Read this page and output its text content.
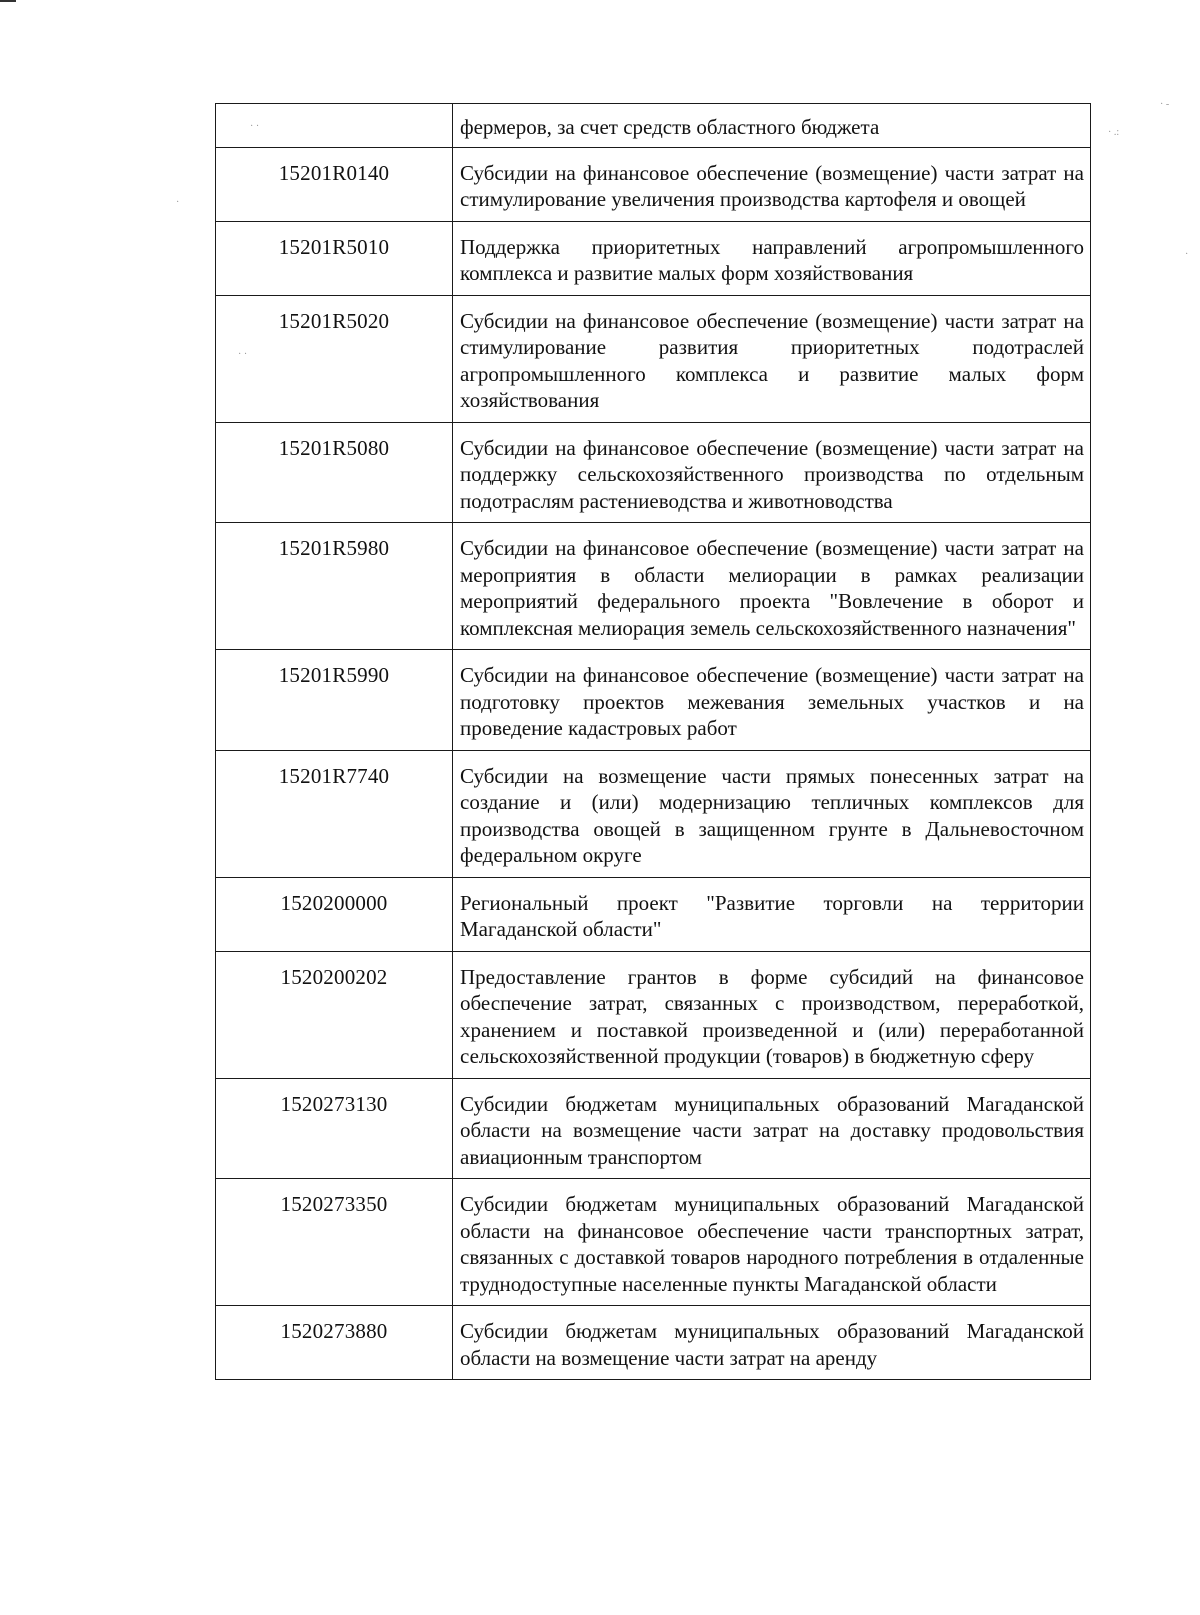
· ·
· .:
· -
·
·
· ·
	фермеров, за счет средств областного бюджета
15201R0140	Субсидии на финансовое обеспечение (возмещение) части затрат на стимулирование увеличения производства картофеля и овощей
15201R5010	Поддержка приоритетных направлений агропромышленного комплекса и развитие малых форм хозяйствования
15201R5020	Субсидии на финансовое обеспечение (возмещение) части затрат на стимулирование развития приоритетных подотраслей агропромышленного комплекса и развитие малых форм хозяйствования
15201R5080	Субсидии на финансовое обеспечение (возмещение) части затрат на поддержку сельскохозяйственного производства по отдельным подотраслям растениеводства и животноводства
15201R5980	Субсидии на финансовое обеспечение (возмещение) части затрат на мероприятия в области мелиорации в рамках реализации мероприятий федерального проекта "Вовлечение в оборот и комплексная мелиорация земель сельскохозяйственного назначения"
15201R5990	Субсидии на финансовое обеспечение (возмещение) части затрат на подготовку проектов межевания земельных участков и на проведение кадастровых работ
15201R7740	Субсидии на возмещение части прямых понесенных затрат на создание и (или) модернизацию тепличных комплексов для производства овощей в защищенном грунте в Дальневосточном федеральном округе
1520200000	Региональный проект "Развитие торговли на территории Магаданской области"
1520200202	Предоставление грантов в форме субсидий на финансовое обеспечение затрат, связанных с производством, переработкой, хранением и поставкой произведенной и (или) переработанной сельскохозяйственной продукции (товаров) в бюджетную сферу
1520273130	Субсидии бюджетам муниципальных образований Магаданской области на возмещение части затрат на доставку продовольствия авиационным транспортом
1520273350	Субсидии бюджетам муниципальных образований Магаданской области на финансовое обеспечение части транспортных затрат, связанных с доставкой товаров народного потребления в отдаленные труднодоступные населенные пункты Магаданской области
1520273880	Субсидии бюджетам муниципальных образований Магаданской области на возмещение части затрат на аренду
